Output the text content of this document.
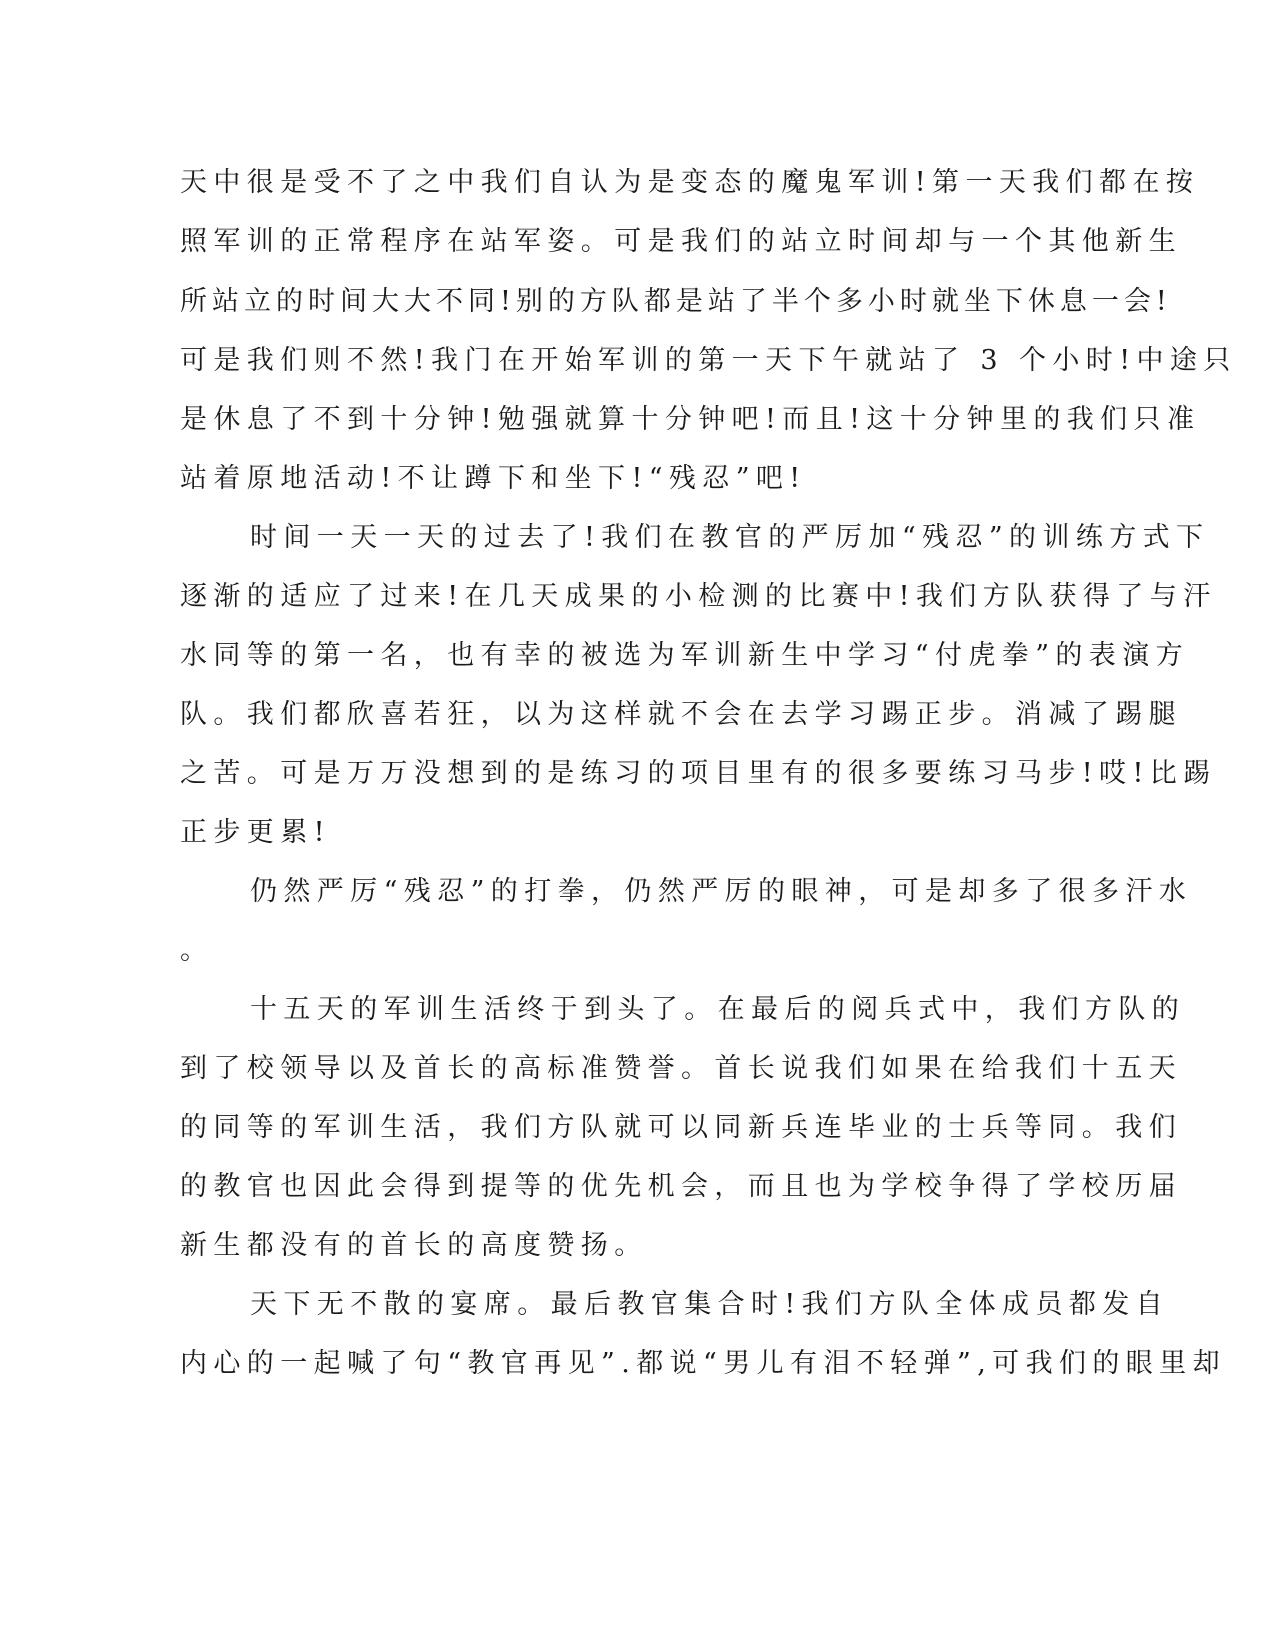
天中很是受不了之中我们自认为是变态的魔鬼军训!第一天我们都在按
照军训的正常程序在站军姿。可是我们的站立时间却与一个其他新生
所站立的时间大大不同!别的方队都是站了半个多小时就坐下休息一会!
可是我们则不然!我门在开始军训的第一天下午就站了 3 个小时!中途只
是休息了不到十分钟!勉强就算十分钟吧!而且!这十分钟里的我们只准
站着原地活动!不让蹲下和坐下!“残忍”吧!
时间一天一天的过去了!我们在教官的严厉加“残忍”的训练方式下
逐渐的适应了过来!在几天成果的小检测的比赛中!我们方队获得了与汗
水同等的第一名，也有幸的被选为军训新生中学习“付虎拳”的表演方
队。我们都欣喜若狂，以为这样就不会在去学习踢正步。消减了踢腿
之苦。可是万万没想到的是练习的项目里有的很多要练习马步!哎!比踢
正步更累!
仍然严厉“残忍”的打拳，仍然严厉的眼神，可是却多了很多汗水
。
十五天的军训生活终于到头了。在最后的阅兵式中，我们方队的
到了校领导以及首长的高标准赞誉。首长说我们如果在给我们十五天
的同等的军训生活，我们方队就可以同新兵连毕业的士兵等同。我们
的教官也因此会得到提等的优先机会，而且也为学校争得了学校历届
新生都没有的首长的高度赞扬。
天下无不散的宴席。最后教官集合时!我们方队全体成员都发自
内心的一起喊了句“教官再见”.都说“男儿有泪不轻弹”,可我们的眼里却
